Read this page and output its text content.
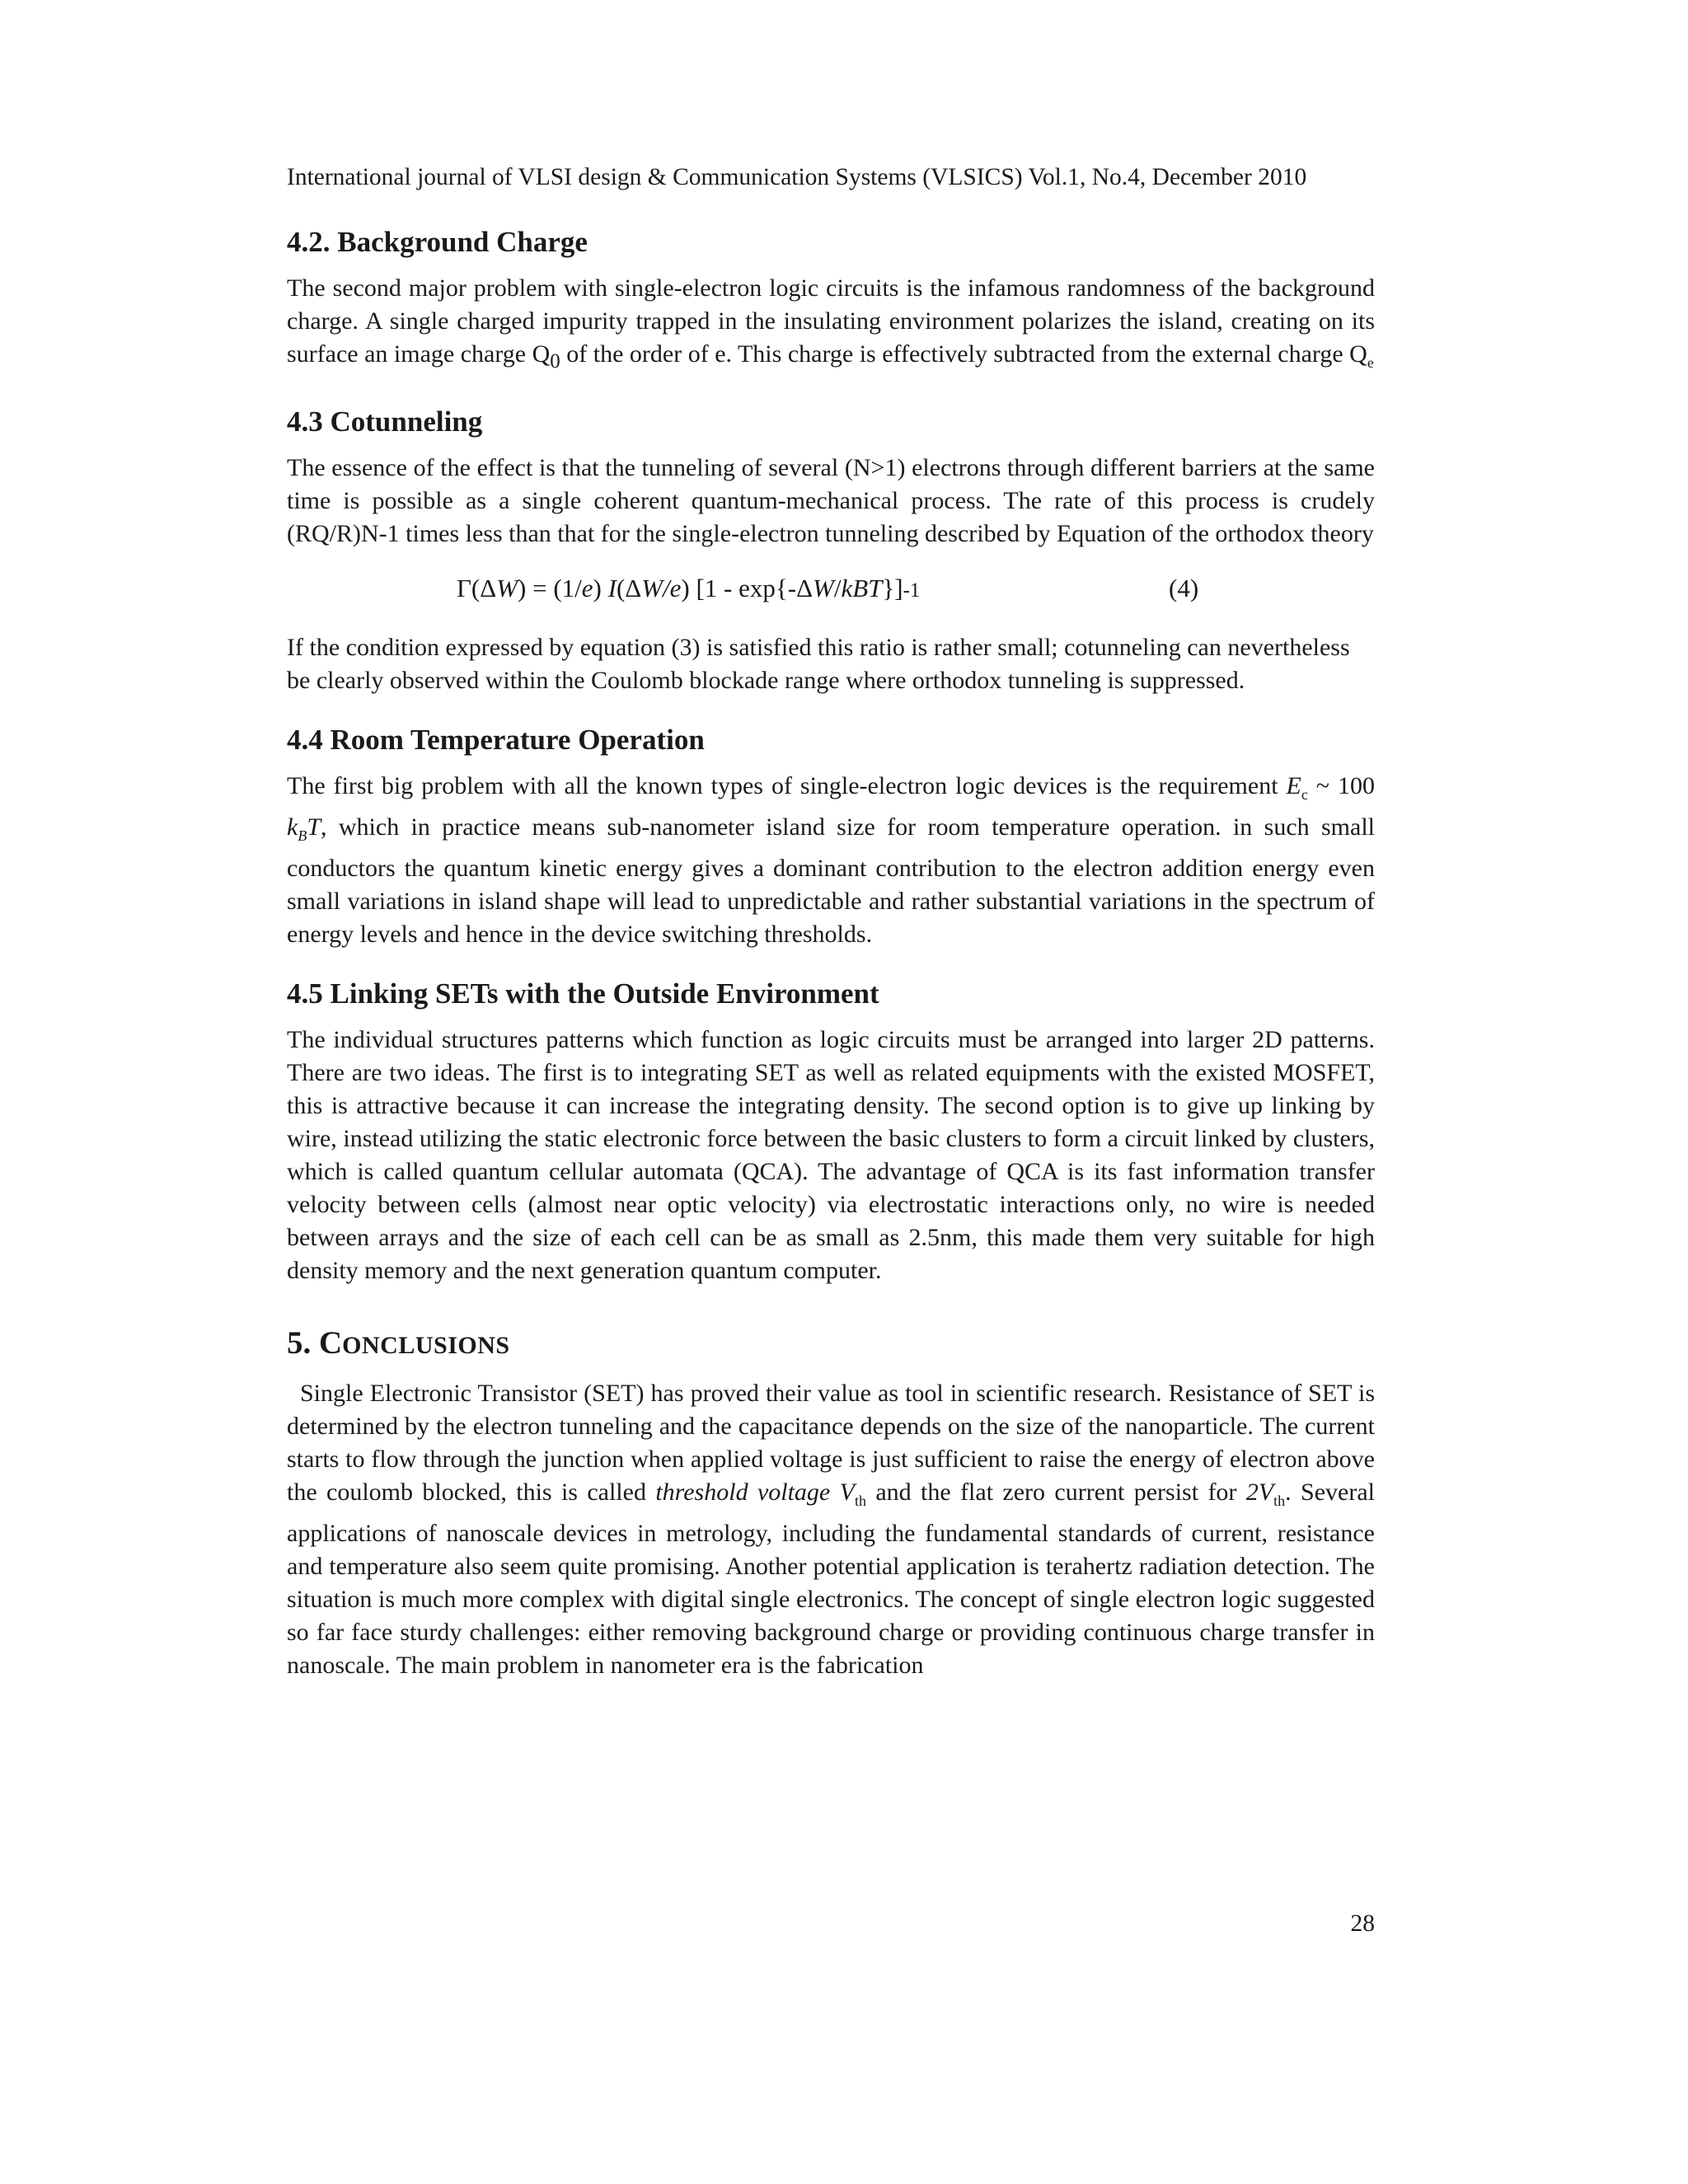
International journal of VLSI design & Communication Systems (VLSICS) Vol.1, No.4, December 2010
4.2. Background Charge

The second major problem with single-electron logic circuits is the infamous randomness of the background charge. A single charged impurity trapped in the insulating environment polarizes the island, creating on its surface an image charge $Q_0$ of the order of e. This charge is effectively subtracted from the external charge $Q_e$

4.3 Cotunneling

The essence of the effect is that the tunneling of several (N>1) electrons through different barriers at the same time is possible as a single coherent quantum-mechanical process. The rate of this process is crudely (RQ/R)N-1 times less than that for the single-electron tunneling described by Equation of the orthodox theory

Γ(ΔW) = (1/e) I(ΔW/e) [1 - exp{-ΔW/kBT}]-1	(4)

If the condition expressed by equation (3) is satisfied this ratio is rather small; cotunneling can nevertheless be clearly observed within the Coulomb blockade range where orthodox tunneling is suppressed.

4.4 Room Temperature Operation

The first big problem with all the known types of single-electron logic devices is the requirement $E_c$ ~ 100 $k_BT$, which in practice means sub-nanometer island size for room temperature operation. in such small conductors the quantum kinetic energy gives a dominant contribution to the electron addition energy even small variations in island shape will lead to unpredictable and rather substantial variations in the spectrum of energy levels and hence in the device switching thresholds.

4.5 Linking SETs with the Outside Environment

The individual structures patterns which function as logic circuits must be arranged into larger 2D patterns. There are two ideas. The first is to integrating SET as well as related equipments with the existed MOSFET, this is attractive because it can increase the integrating density. The second option is to give up linking by wire, instead utilizing the static electronic force between the basic clusters to form a circuit linked by clusters, which is called quantum cellular automata (QCA). The advantage of QCA is its fast information transfer velocity between cells (almost near optic velocity) via electrostatic interactions only, no wire is needed between arrays and the size of each cell can be as small as 2.5nm, this made them very suitable for high density memory and the next generation quantum computer.

5. CONCLUSIONS

Single Electronic Transistor (SET) has proved their value as tool in scientific research. Resistance of SET is determined by the electron tunneling and the capacitance depends on the size of the nanoparticle. The current starts to flow through the junction when applied voltage is just sufficient to raise the energy of electron above the coulomb blocked, this is called threshold voltage $V_{th}$ and the flat zero current persist for $2V_{th}$. Several applications of nanoscale devices in metrology, including the fundamental standards of current, resistance and temperature also seem quite promising. Another potential application is terahertz radiation detection. The situation is much more complex with digital single electronics. The concept of single electron logic suggested so far face sturdy challenges: either removing background charge or providing continuous charge transfer in nanoscale. The main problem in nanometer era is the fabrication

28
